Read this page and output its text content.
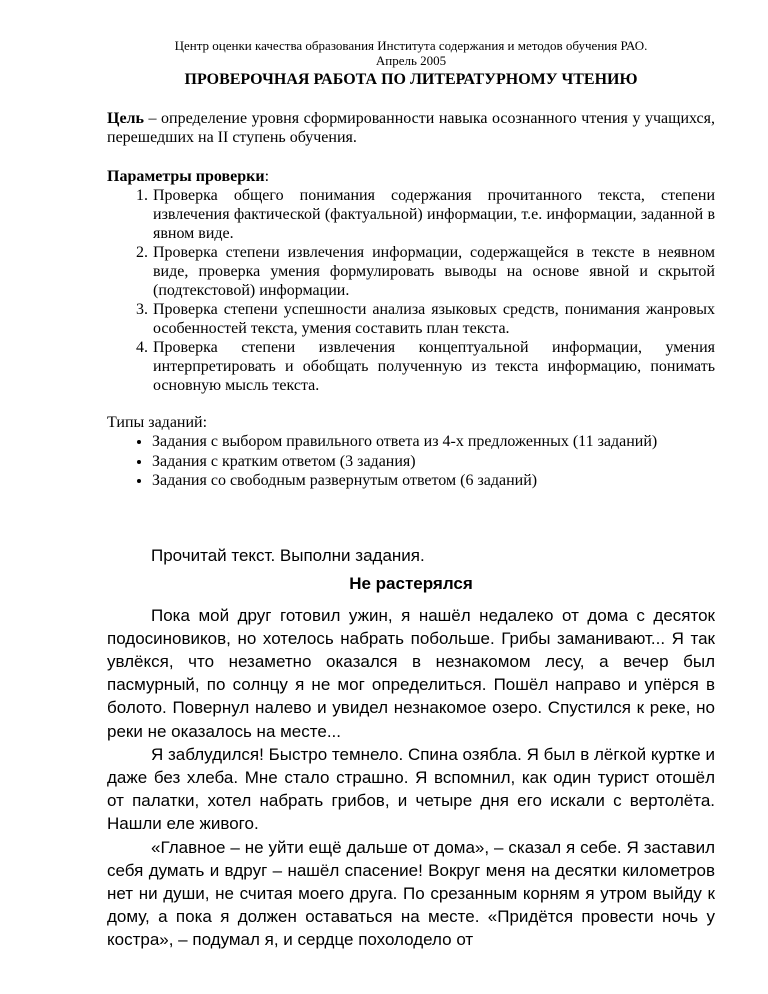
Центр оценки качества образования Института содержания и методов обучения РАО.
Апрель 2005
ПРОВЕРОЧНАЯ РАБОТА ПО ЛИТЕРАТУРНОМУ ЧТЕНИЮ

Цель – определение уровня сформированности навыка осознанного чтения у учащихся, перешедших на II ступень обучения.

Параметры проверки:

1. Проверка общего понимания содержания прочитанного текста, степени извлечения фактической (фактуальной) информации, т.е. информации, заданной в явном виде.
2. Проверка степени извлечения информации, содержащейся в тексте в неявном виде, проверка умения формулировать выводы на основе явной и скрытой (подтекстовой) информации.
3. Проверка степени успешности анализа языковых средств, понимания жанровых особенностей текста, умения составить план текста.
4. Проверка степени извлечения концептуальной информации, умения интерпретировать и обобщать полученную из текста информацию, понимать основную мысль текста.

Типы заданий:

• Задания с выбором правильного ответа из 4-х предложенных (11 заданий)
• Задания с кратким ответом (3 задания)
• Задания со свободным развернутым ответом (6 заданий)
Прочитай текст. Выполни задания.
Не растерялся

Пока мой друг готовил ужин, я нашёл недалеко от дома с десяток подосиновиков, но хотелось набрать побольше. Грибы заманивают... Я так увлёкся, что незаметно оказался в незнакомом лесу, а вечер был пасмурный, по солнцу я не мог определиться. Пошёл направо и упёрся в болото. Повернул налево и увидел незнакомое озеро. Спустился к реке, но реки не оказалось на месте...

Я заблудился! Быстро темнело. Спина озябла. Я был в лёгкой куртке и даже без хлеба. Мне стало страшно. Я вспомнил, как один турист отошёл от палатки, хотел набрать грибов, и четыре дня его искали с вертолёта. Нашли еле живого.

«Главное – не уйти ещё дальше от дома», – сказал я себе. Я заставил себя думать и вдруг – нашёл спасение! Вокруг меня на десятки километров нет ни души, не считая моего друга. По срезанным корням я утром выйду к дому, а пока я должен оставаться на месте. «Придётся провести ночь у костра», – подумал я, и сердце похолодело от
